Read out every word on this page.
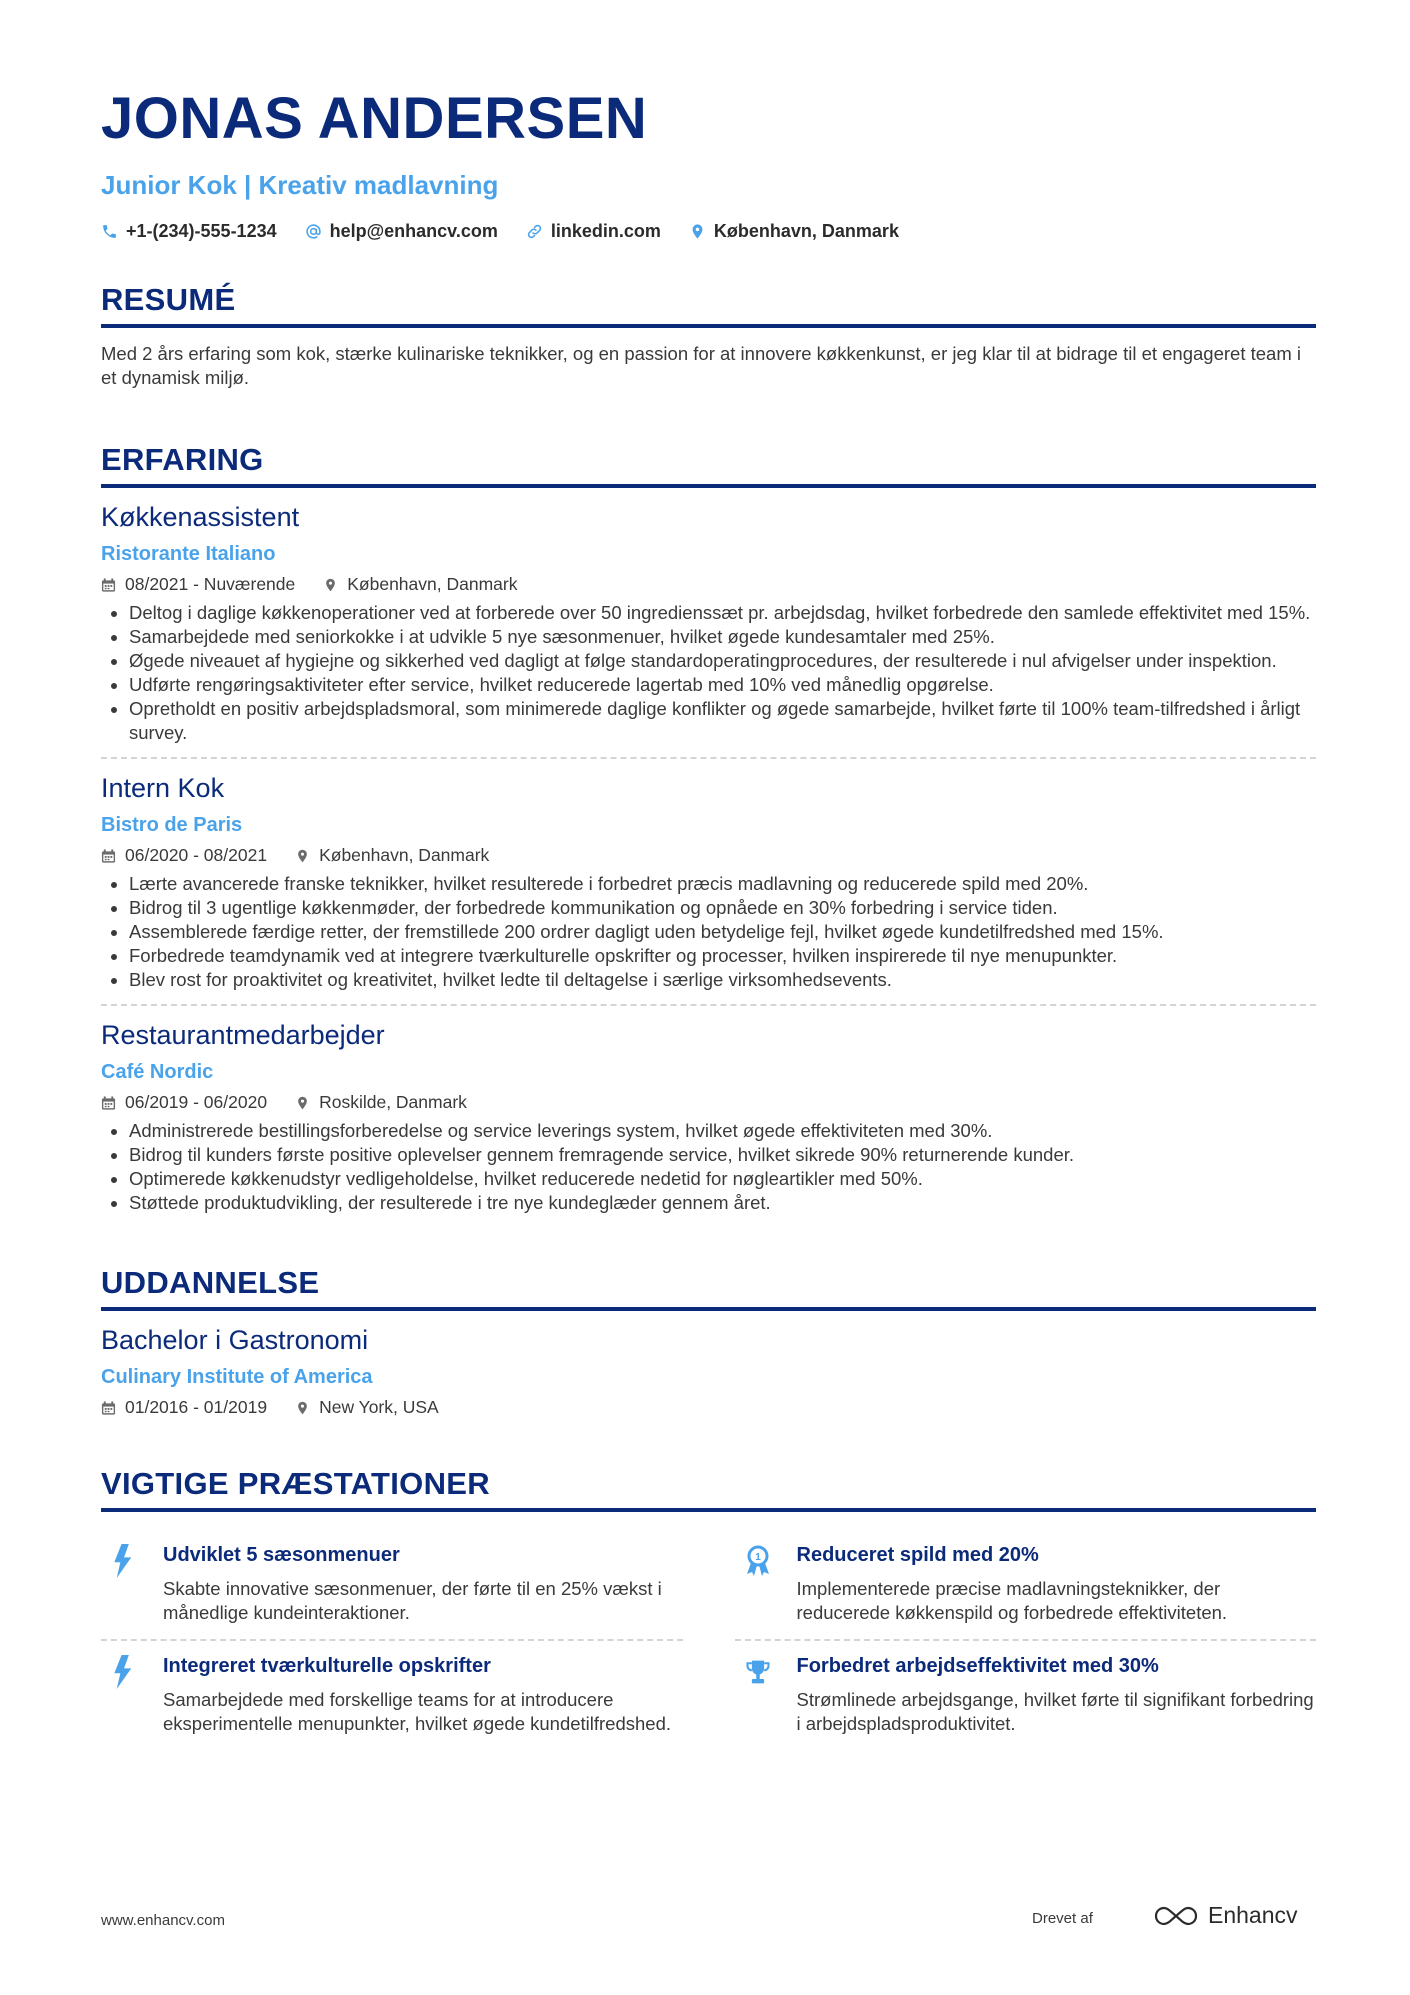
JONAS ANDERSEN
Junior Kok | Kreativ madlavning
+1-(234)-555-1234	help@enhancv.com	linkedin.com	København, Danmark
RESUMÉ
Med 2 års erfaring som kok, stærke kulinariske teknikker, og en passion for at innovere køkkenkunst, er jeg klar til at bidrage til et engageret team i et dynamisk miljø.
ERFARING
Køkkenassistent
Ristorante Italiano
08/2021 - Nuværende	København, Danmark
• Deltog i daglige køkkenoperationer ved at forberede over 50 ingredienssæt pr. arbejdsdag, hvilket forbedrede den samlede effektivitet med 15%.
• Samarbejdede med seniorkokke i at udvikle 5 nye sæsonmenuer, hvilket øgede kundesamtaler med 25%.
• Øgede niveauet af hygiejne og sikkerhed ved dagligt at følge standardoperatingprocedures, der resulterede i nul afvigelser under inspektion.
• Udførte rengøringsaktiviteter efter service, hvilket reducerede lagertab med 10% ved månedlig opgørelse.
• Opretholdt en positiv arbejdspladsmoral, som minimerede daglige konflikter og øgede samarbejde, hvilket førte til 100% team-tilfredshed i årligt survey.
Intern Kok
Bistro de Paris
06/2020 - 08/2021	København, Danmark
• Lærte avancerede franske teknikker, hvilket resulterede i forbedret præcis madlavning og reducerede spild med 20%.
• Bidrog til 3 ugentlige køkkenmøder, der forbedrede kommunikation og opnåede en 30% forbedring i service tiden.
• Assemblerede færdige retter, der fremstillede 200 ordrer dagligt uden betydelige fejl, hvilket øgede kundetilfredshed med 15%.
• Forbedrede teamdynamik ved at integrere tværkulturelle opskrifter og processer, hvilken inspirerede til nye menupunkter.
• Blev rost for proaktivitet og kreativitet, hvilket ledte til deltagelse i særlige virksomhedsevents.
Restaurantmedarbejder
Café Nordic
06/2019 - 06/2020	Roskilde, Danmark
• Administrerede bestillingsforberedelse og service leverings system, hvilket øgede effektiviteten med 30%.
• Bidrog til kunders første positive oplevelser gennem fremragende service, hvilket sikrede 90% returnerende kunder.
• Optimerede køkkenudstyr vedligeholdelse, hvilket reducerede nedetid for nøgleartikler med 50%.
• Støttede produktudvikling, der resulterede i tre nye kundeglæder gennem året.
UDDANNELSE
Bachelor i Gastronomi
Culinary Institute of America
01/2016 - 01/2019	New York, USA
VIGTIGE PRÆSTATIONER
Udviklet 5 sæsonmenuer
Skabte innovative sæsonmenuer, der førte til en 25% vækst i månedlige kundeinteraktioner.
1 Reduceret spild med 20%
Implementerede præcise madlavningsteknikker, der reducerede køkkenspild og forbedrede effektiviteten.
Integreret tværkulturelle opskrifter
Samarbejdede med forskellige teams for at introducere eksperimentelle menupunkter, hvilket øgede kundetilfredshed.
Forbedret arbejdseffektivitet med 30%
Strømlinede arbejdsgange, hvilket førte til signifikant forbedring i arbejdspladsproduktivitet.
www.enhancv.com	Drevet af	Enhancv
